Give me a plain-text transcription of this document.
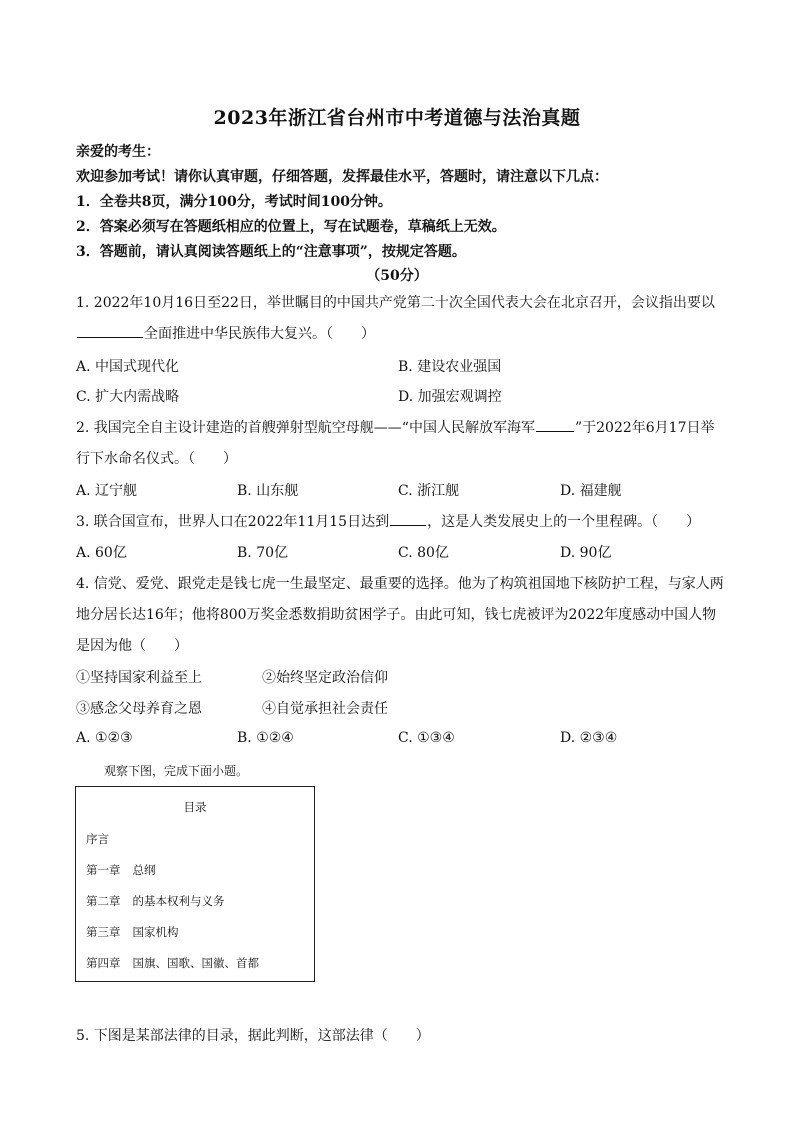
2023年浙江省台州市中考道德与法治真题
亲爱的考生：
欢迎参加考试！请你认真审题，仔细答题，发挥最佳水平，答题时，请注意以下几点：
1．全卷共8页，满分100分，考试时间100分钟。
2．答案必须写在答题纸相应的位置上，写在试题卷，草稿纸上无效。
3．答题前，请认真阅读答题纸上的“注意事项”，按规定答题。
（50分）
1. 2022年10月16日至22日，举世瞩目的中国共产党第二十次全国代表大会在北京召开，会议指出要以
全面推进中华民族伟大复兴。（　　）
A. 中国式现代化	B. 建设农业强国
C. 扩大内需战略	D. 加强宏观调控
2. 我国完全自主设计建造的首艘弹射型航空母舰——“中国人民解放军海军	”于2022年6月17日举
行下水命名仪式。（　　）
A. 辽宁舰	B. 山东舰	C. 浙江舰	D. 福建舰
3. 联合国宣布，世界人口在2022年11月15日达到	，这是人类发展史上的一个里程碑。（　　）
A. 60亿	B. 70亿	C. 80亿	D. 90亿
4. 信党、爱党、跟党走是钱七虎一生最坚定、最重要的选择。他为了构筑祖国地下核防护工程，与家人两
地分居长达16年；他将800万奖金悉数捐助贫困学子。由此可知，钱七虎被评为2022年度感动中国人物
是因为他（　　）
①坚持国家利益至上	②始终坚定政治信仰
③感念父母养育之恩	④自觉承担社会责任
A. ①②③	B. ①②④	C. ①③④	D. ②③④
观察下图，完成下面小题。
目录
序言
第一章 总纲
第二章 的基本权利与义务
第三章 国家机构
第四章 国旗、国歌、国徽、首都
5. 下图是某部法律的目录，据此判断，这部法律（　　）
